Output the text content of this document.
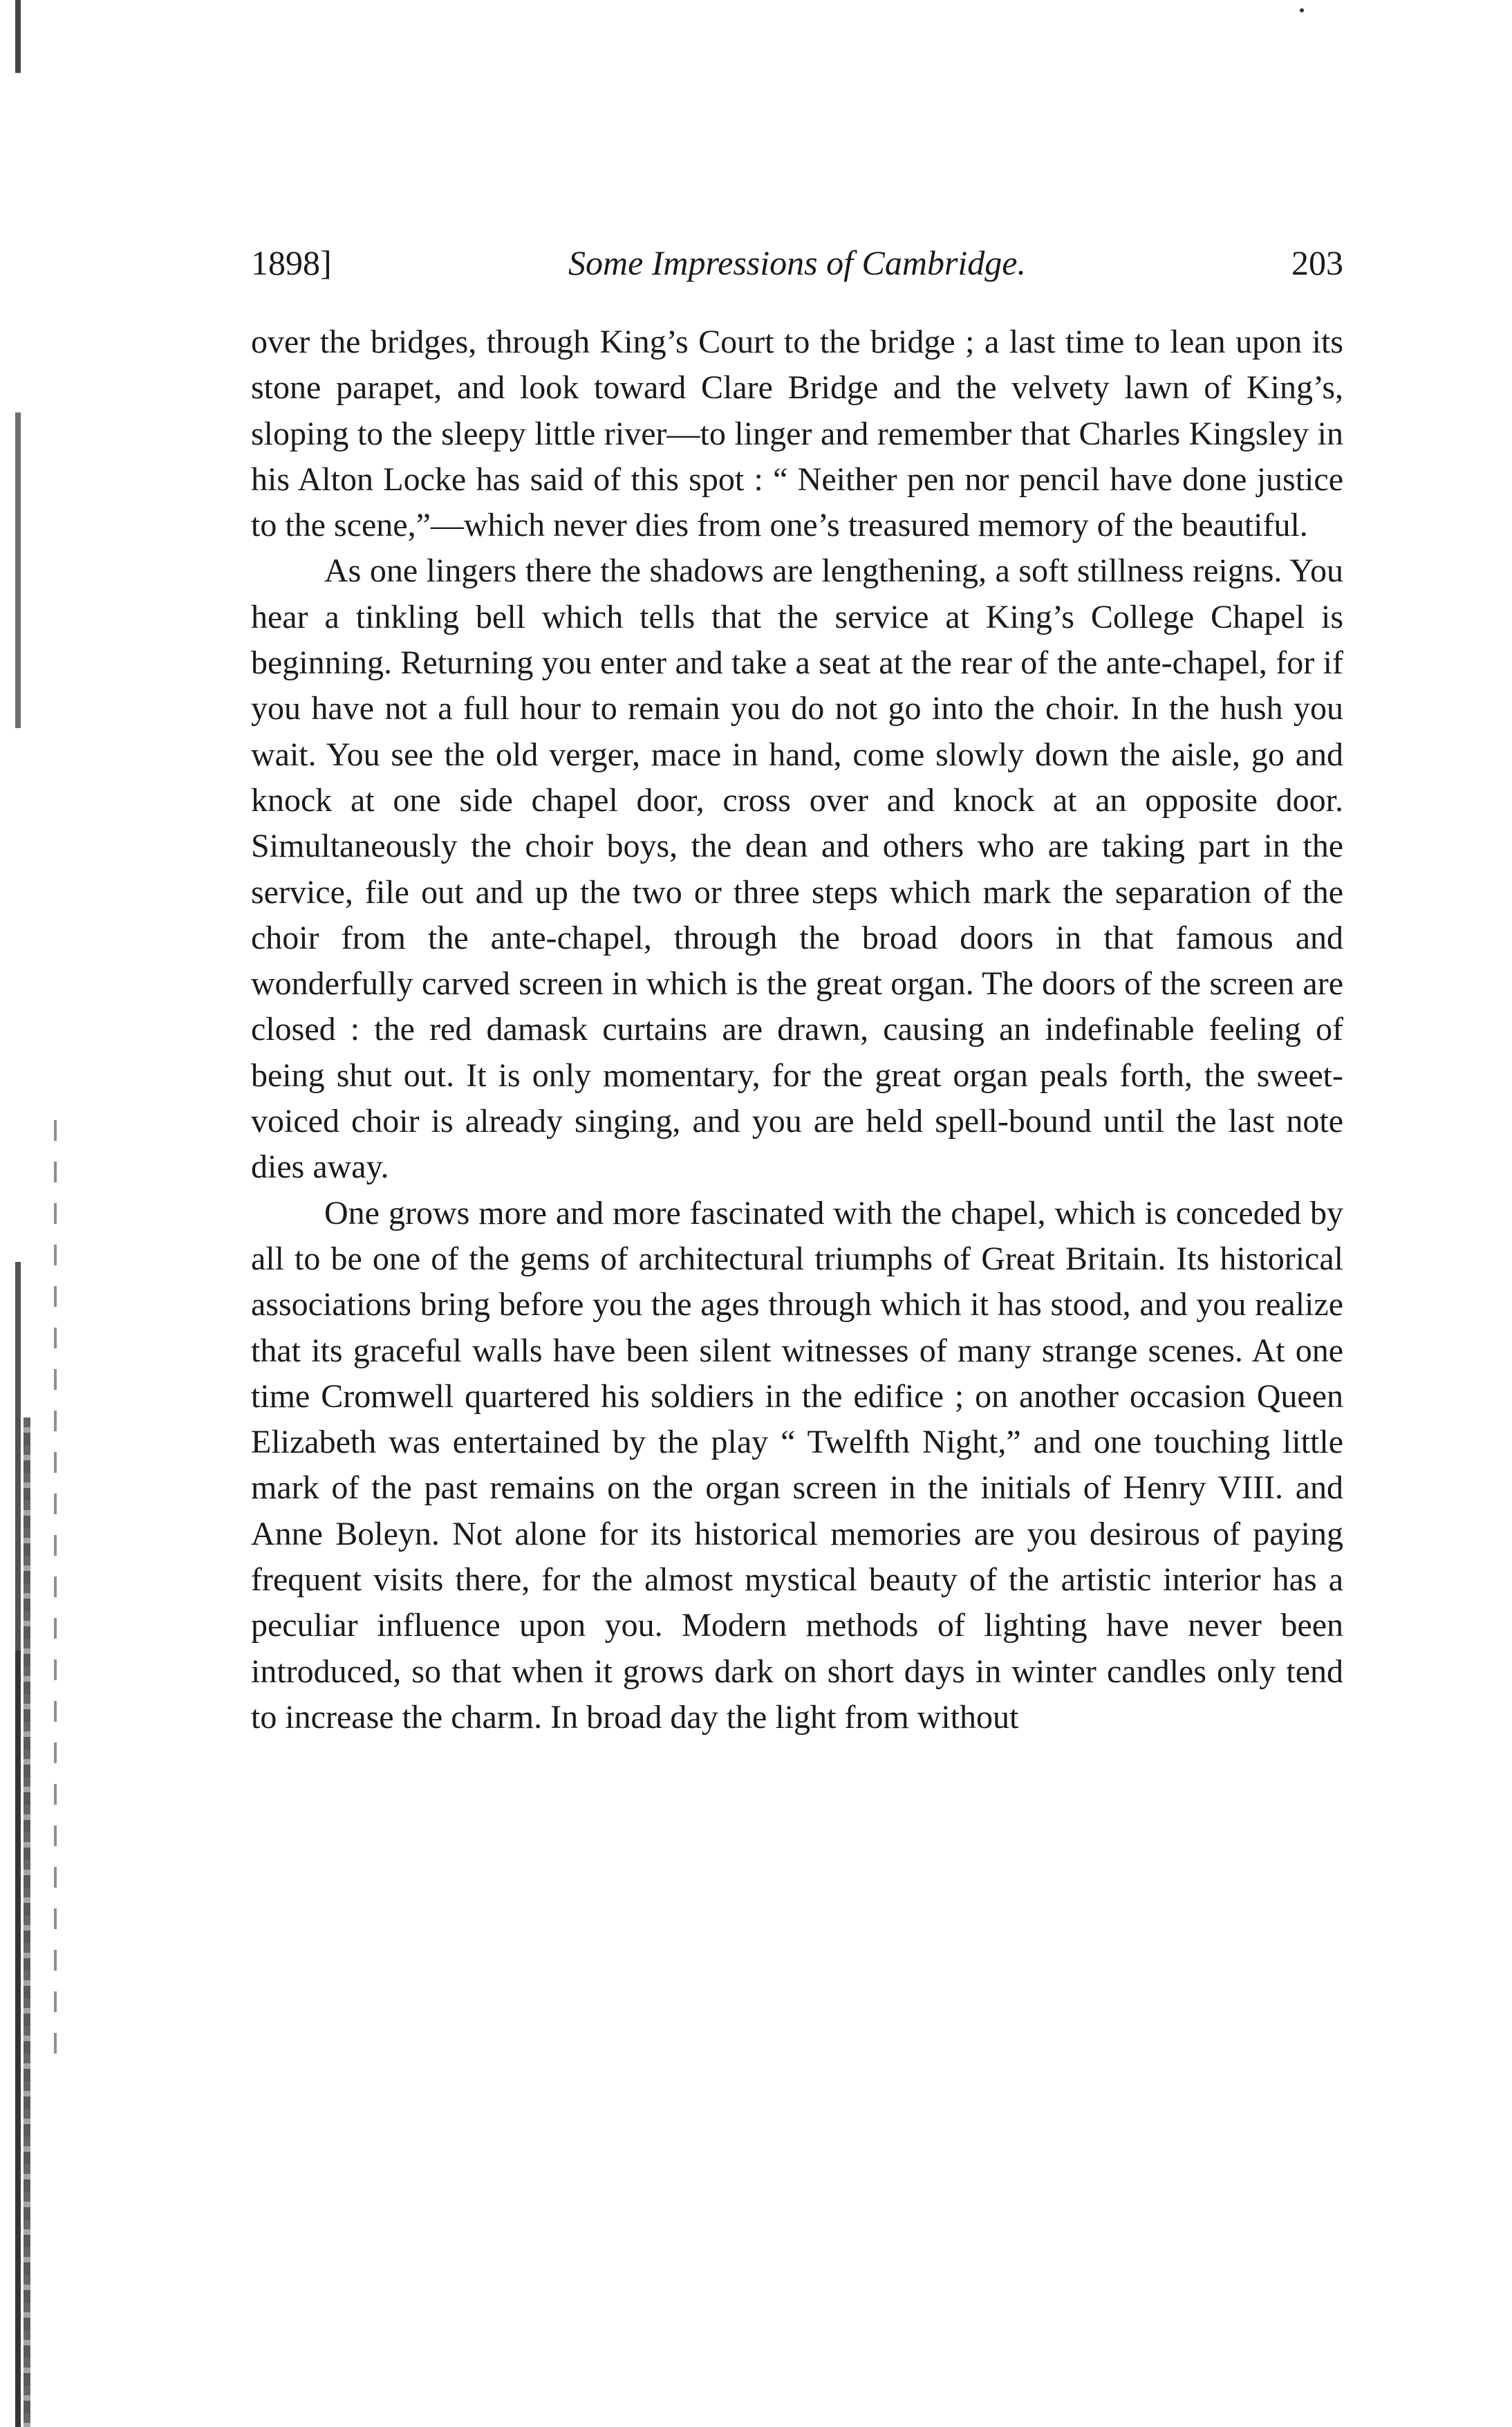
1898]	Some Impressions of Cambridge.	203

over the bridges, through King’s Court to the bridge ; a last time to lean upon its stone parapet, and look toward Clare Bridge and the velvety lawn of King’s, sloping to the sleepy little river—to linger and remember that Charles Kingsley in his Alton Locke has said of this spot : “ Neither pen nor pencil have done justice to the scene,”—which never dies from one’s treasured memory of the beautiful.

As one lingers there the shadows are lengthening, a soft stillness reigns. You hear a tinkling bell which tells that the service at King’s College Chapel is beginning. Returning you enter and take a seat at the rear of the ante-chapel, for if you have not a full hour to remain you do not go into the choir. In the hush you wait. You see the old verger, mace in hand, come slowly down the aisle, go and knock at one side chapel door, cross over and knock at an opposite door. Simultaneously the choir boys, the dean and others who are taking part in the service, file out and up the two or three steps which mark the separation of the choir from the ante-chapel, through the broad doors in that famous and wonderfully carved screen in which is the great organ. The doors of the screen are closed : the red damask curtains are drawn, causing an indefinable feeling of being shut out. It is only momentary, for the great organ peals forth, the sweet-voiced choir is already singing, and you are held spell-bound until the last note dies away.

One grows more and more fascinated with the chapel, which is conceded by all to be one of the gems of architectural triumphs of Great Britain. Its historical associations bring before you the ages through which it has stood, and you realize that its graceful walls have been silent witnesses of many strange scenes. At one time Cromwell quartered his soldiers in the edifice ; on another occasion Queen Elizabeth was entertained by the play “ Twelfth Night,” and one touching little mark of the past remains on the organ screen in the initials of Henry VIII. and Anne Boleyn. Not alone for its historical memories are you desirous of paying frequent visits there, for the almost mystical beauty of the artistic interior has a peculiar influence upon you. Modern methods of lighting have never been introduced, so that when it grows dark on short days in winter candles only tend to increase the charm. In broad day the light from without
